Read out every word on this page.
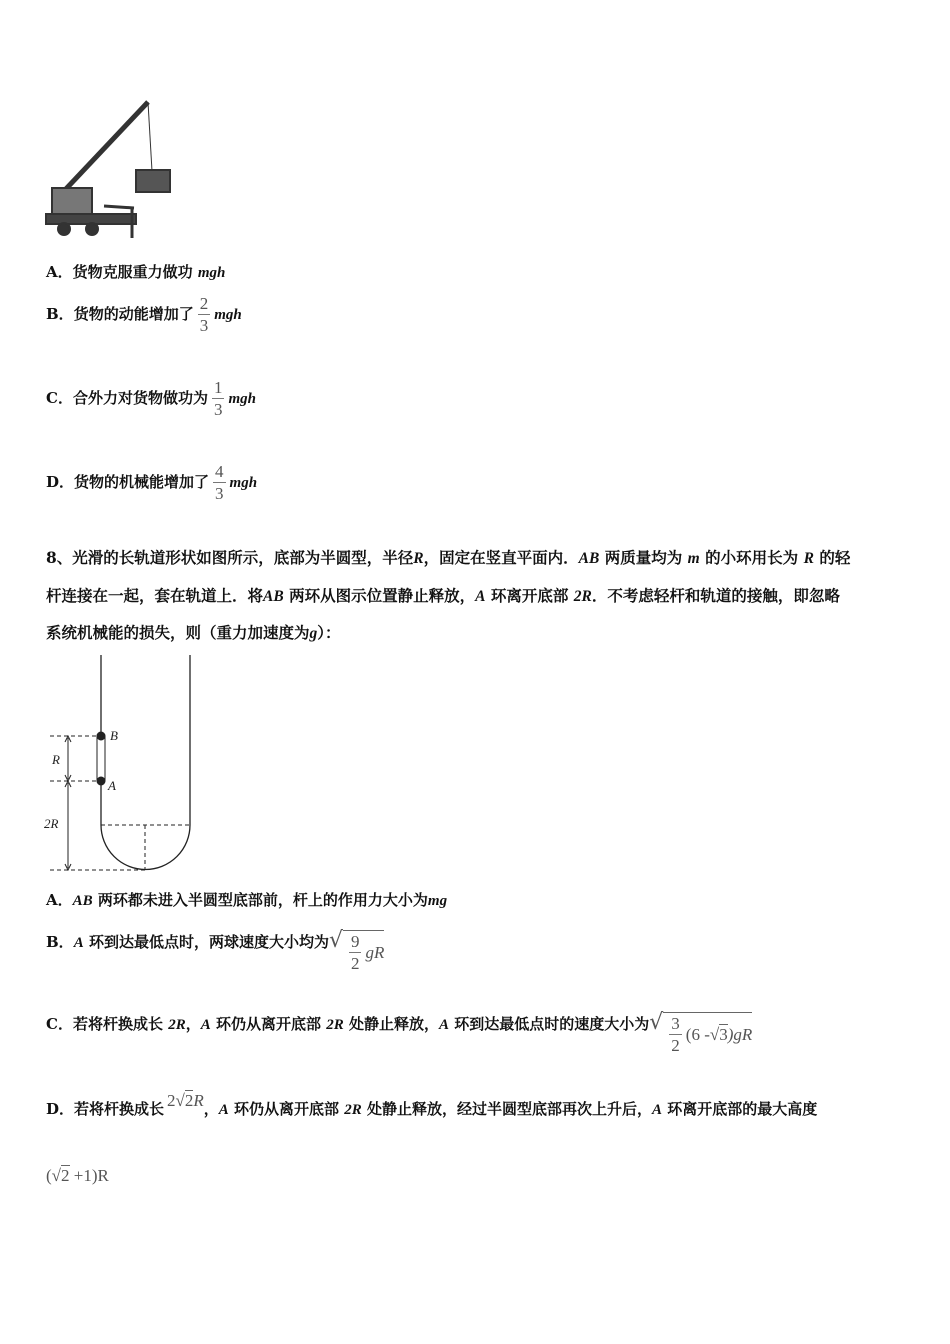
A．货物克服重力做功 mgh
B．货物的动能增加了 $\frac{2}{3}$ mgh
C．合外力对货物做功为 $\frac{1}{3}$ mgh
D．货物的机械能增加了 $\frac{4}{3}$ mgh
8、光滑的长轨道形状如图所示，底部为半圆型，半径R，固定在竖直平面内．AB 两质量均为 m 的小环用长为 R 的轻
杆连接在一起，套在轨道上．将AB 两环从图示位置静止释放，A 环离开底部 2R．不考虑轻杆和轨道的接触，即忽略
系统机械能的损失，则（重力加速度为g）：
B
A
R
2R
A．AB 两环都未进入半圆型底部前，杆上的作用力大小为mg
B．A 环到达最低点时，两球速度大小均为√ $\frac{9}{2}$ gR
C．若将杆换成长 2R，A 环仍从离开底部 2R 处静止释放，A 环到达最低点时的速度大小为√ $\frac{3}{2} (6$ - √ 3 )gR
D．若将杆换成长 2√2R，A 环仍从离开底部 2R 处静止释放，经过半圆型底部再次上升后，A 环离开底部的最大高度
(√2 +1)R
